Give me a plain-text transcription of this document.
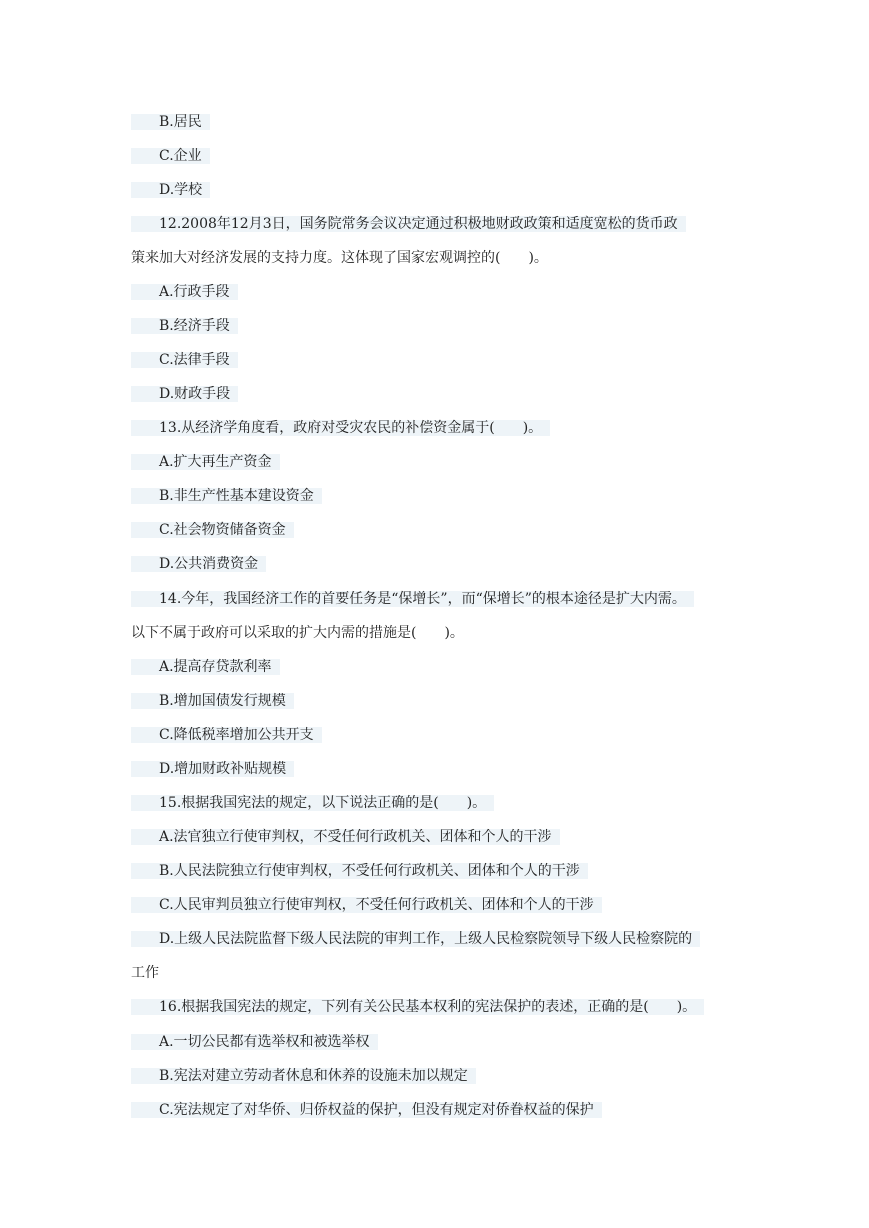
B.居民
C.企业
D.学校
12.2008年12月3日，国务院常务会议决定通过积极地财政政策和适度宽松的货币政
策来加大对经济发展的支持力度。这体现了国家宏观调控的(　　)。
A.行政手段
B.经济手段
C.法律手段
D.财政手段
13.从经济学角度看，政府对受灾农民的补偿资金属于(　　)。
A.扩大再生产资金
B.非生产性基本建设资金
C.社会物资储备资金
D.公共消费资金
14.今年，我国经济工作的首要任务是“保增长”，而“保增长”的根本途径是扩大内需。
以下不属于政府可以采取的扩大内需的措施是(　　)。
A.提高存贷款利率
B.增加国债发行规模
C.降低税率增加公共开支
D.增加财政补贴规模
15.根据我国宪法的规定，以下说法正确的是(　　)。
A.法官独立行使审判权，不受任何行政机关、团体和个人的干涉
B.人民法院独立行使审判权，不受任何行政机关、团体和个人的干涉
C.人民审判员独立行使审判权，不受任何行政机关、团体和个人的干涉
D.上级人民法院监督下级人民法院的审判工作，上级人民检察院领导下级人民检察院的
工作
16.根据我国宪法的规定，下列有关公民基本权利的宪法保护的表述，正确的是(　　)。
A.一切公民都有选举权和被选举权
B.宪法对建立劳动者休息和休养的设施未加以规定
C.宪法规定了对华侨、归侨权益的保护，但没有规定对侨眷权益的保护
